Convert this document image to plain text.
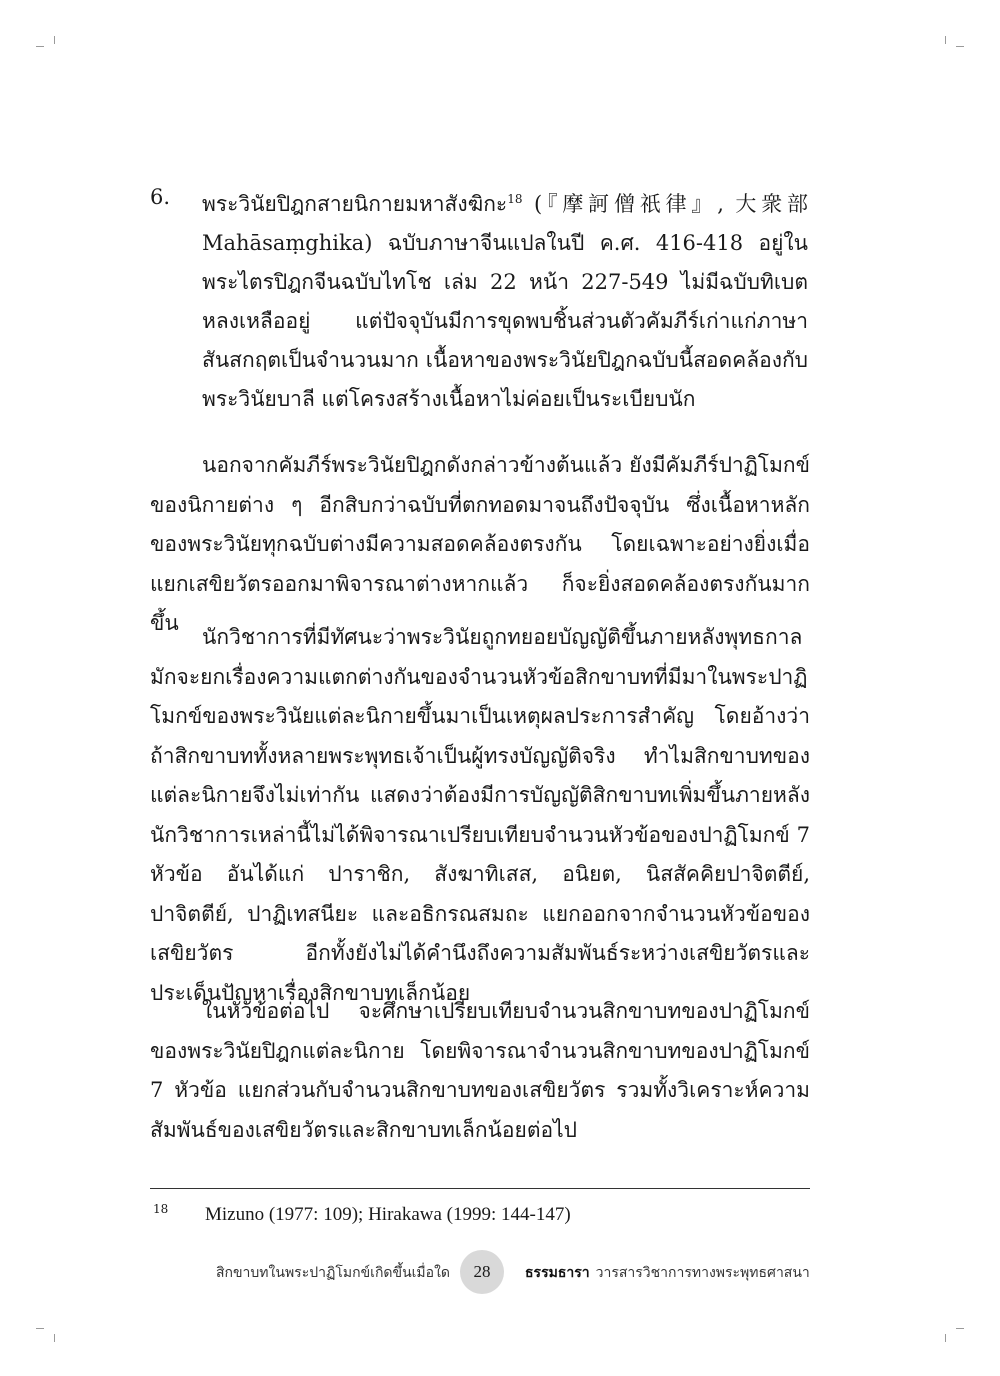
6. พระวินัยปิฎกสายนิกายมหาสังฆิกะ$^{18}$ (『摩訶僧祇律』, 大衆部 Mahāsaṃghika) ฉบับภาษาจีนแปลในปี ค.ศ. 416-418 อยู่ในพระไตรปิฎกจีนฉบับไทโช เล่ม 22 หน้า 227-549 ไม่มีฉบับทิเบตหลงเหลืออยู่ แต่ปัจจุบันมีการขุดพบชิ้นส่วนตัวคัมภีร์เก่าแก่ภาษาสันสกฤตเป็นจำนวนมาก เนื้อหาของพระวินัยปิฎกฉบับนี้สอดคล้องกับพระวินัยบาลี แต่โครงสร้างเนื้อหาไม่ค่อยเป็นระเบียบนัก

นอกจากคัมภีร์พระวินัยปิฎกดังกล่าวข้างต้นแล้ว ยังมีคัมภีร์ปาฏิโมกข์ของนิกายต่าง ๆ อีกสิบกว่าฉบับที่ตกทอดมาจนถึงปัจจุบัน ซึ่งเนื้อหาหลักของพระวินัยทุกฉบับต่างมีความสอดคล้องตรงกัน โดยเฉพาะอย่างยิ่งเมื่อแยกเสขิยวัตรออกมาพิจารณาต่างหากแล้ว ก็จะยิ่งสอดคล้องตรงกันมากขึ้น

นักวิชาการที่มีทัศนะว่าพระวินัยถูกทยอยบัญญัติขึ้นภายหลังพุทธกาล มักจะยกเรื่องความแตกต่างกันของจำนวนหัวข้อสิกขาบทที่มีมาในพระปาฏิโมกข์ของพระวินัยแต่ละนิกายขึ้นมาเป็นเหตุผลประการสำคัญ โดยอ้างว่าถ้าสิกขาบททั้งหลายพระพุทธเจ้าเป็นผู้ทรงบัญญัติจริง ทำไมสิกขาบทของแต่ละนิกายจึงไม่เท่ากัน แสดงว่าต้องมีการบัญญัติสิกขาบทเพิ่มขึ้นภายหลัง นักวิชาการเหล่านี้ไม่ได้พิจารณาเปรียบเทียบจำนวนหัวข้อของปาฏิโมกข์ 7 หัวข้อ อันได้แก่ ปาราชิก, สังฆาทิเสส, อนิยต, นิสสัคคิยปาจิตตีย์, ปาจิตตีย์, ปาฏิเทสนียะ และอธิกรณสมถะ แยกออกจากจำนวนหัวข้อของเสขิยวัตร อีกทั้งยังไม่ได้คำนึงถึงความสัมพันธ์ระหว่างเสขิยวัตรและประเด็นปัญหาเรื่องสิกขาบทเล็กน้อย

ในหัวข้อต่อไป จะศึกษาเปรียบเทียบจำนวนสิกขาบทของปาฏิโมกข์ของพระวินัยปิฎกแต่ละนิกาย โดยพิจารณาจำนวนสิกขาบทของปาฏิโมกข์ 7 หัวข้อ แยกส่วนกับจำนวนสิกขาบทของเสขิยวัตร รวมทั้งวิเคราะห์ความสัมพันธ์ของเสขิยวัตรและสิกขาบทเล็กน้อยต่อไป

18 Mizuno (1977: 109); Hirakawa (1999: 144-147)
สิกขาบทในพระปาฏิโมกข์เกิดขึ้นเมื่อใด 28 ธรรมธารา วารสารวิชาการทางพระพุทธศาสนา
